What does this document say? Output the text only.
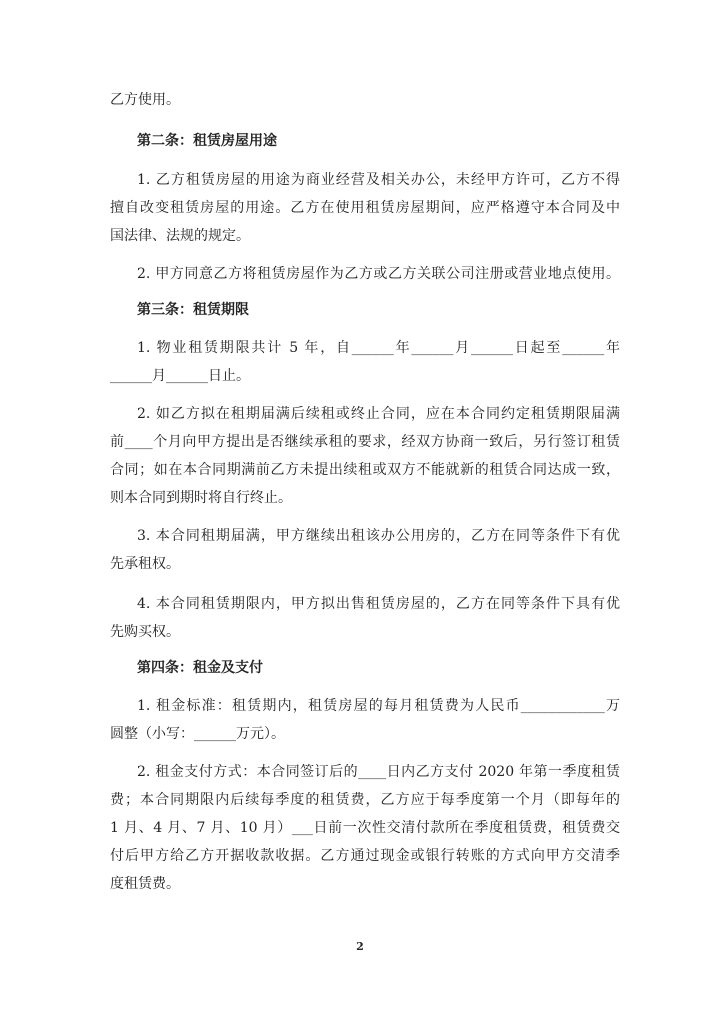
乙方使用。
第二条：租赁房屋用途
1. 乙方租赁房屋的用途为商业经营及相关办公，未经甲方许可，乙方不得
擅自改变租赁房屋的用途。乙方在使用租赁房屋期间，应严格遵守本合同及中
国法律、法规的规定。
2. 甲方同意乙方将租赁房屋作为乙方或乙方关联公司注册或营业地点使用。
第三条：租赁期限
1. 物业租赁期限共计 5 年，自______年______月______日起至______年
______月______日止。
2. 如乙方拟在租期届满后续租或终止合同，应在本合同约定租赁期限届满
前____个月向甲方提出是否继续承租的要求，经双方协商一致后，另行签订租赁
合同；如在本合同期满前乙方未提出续租或双方不能就新的租赁合同达成一致，
则本合同到期时将自行终止。
3. 本合同租期届满，甲方继续出租该办公用房的，乙方在同等条件下有优
先承租权。
4. 本合同租赁期限内，甲方拟出售租赁房屋的，乙方在同等条件下具有优
先购买权。
第四条：租金及支付
1. 租金标准：租赁期内，租赁房屋的每月租赁费为人民币____________万
圆整（小写：______万元）。
2. 租金支付方式：本合同签订后的____日内乙方支付 2020 年第一季度租赁
费；本合同期限内后续每季度的租赁费，乙方应于每季度第一个月（即每年的
1 月、4 月、7 月、10 月）___日前一次性交清付款所在季度租赁费，租赁费交
付后甲方给乙方开据收款收据。乙方通过现金或银行转账的方式向甲方交清季
度租赁费。
2
